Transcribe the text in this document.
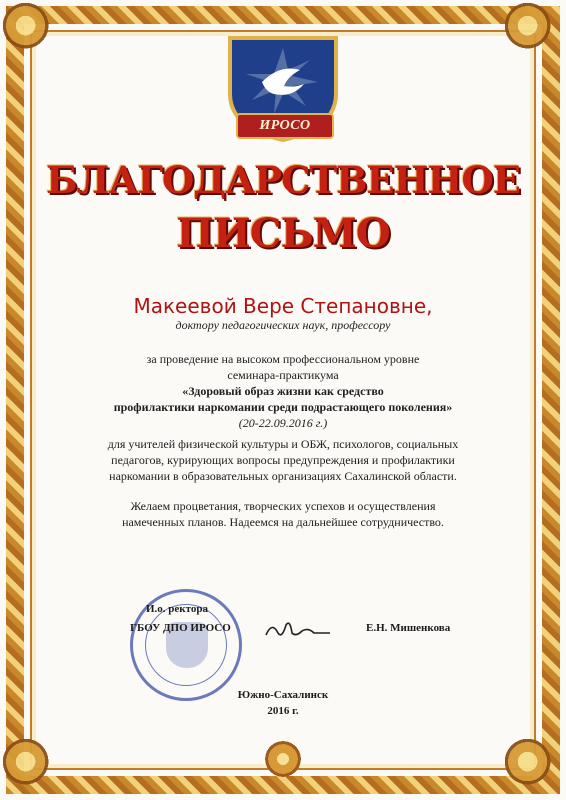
ИРОСО
БЛАГОДАРСТВЕННОЕ
ПИСЬМО
Макеевой Вере Степановне,
доктору педагогических наук, профессору
за проведение на высоком профессиональном уровне
семинара-практикума
«Здоровый образ жизни как средство
профилактики наркомании среди подрастающего поколения»
(20-22.09.2016 г.)
для учителей физической культуры и ОБЖ, психологов, социальных
педагогов, курирующих вопросы предупреждения и профилактики
наркомании в образовательных организациях Сахалинской области.
Желаем процветания, творческих успехов и осуществления
намеченных планов. Надеемся на дальнейшее сотрудничество.
И.о. ректора
ГБОУ ДПО ИРОСО	Е.Н. Мишенкова
Южно-Сахалинск
2016 г.
